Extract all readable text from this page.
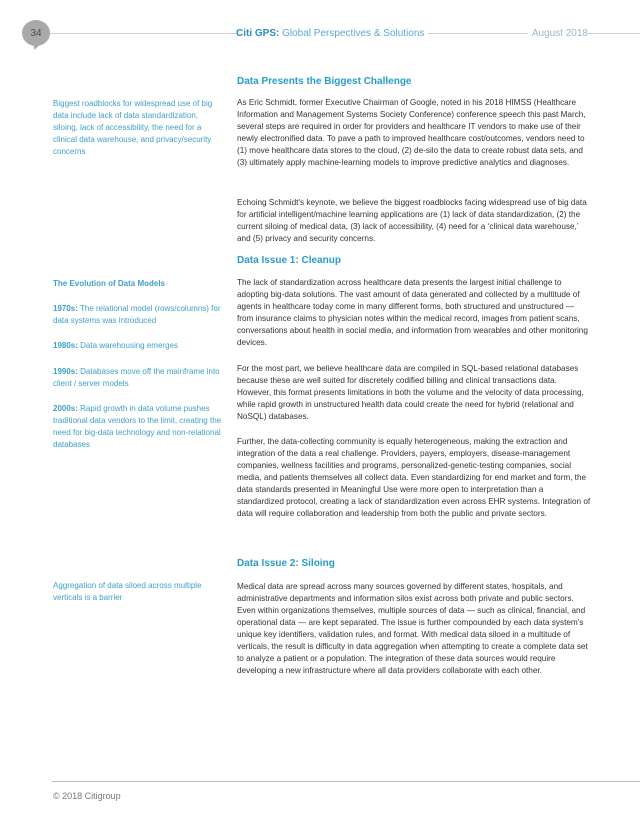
34	Citi GPS: Global Perspectives & Solutions	August 2018

Biggest roadblocks for widespread use of big data include lack of data standardization, siloing, lack of accessibility, the need for a clinical data warehouse, and privacy/security concerns

The Evolution of Data Models

1970s: The relational model (rows/columns) for data systems was introduced

1980s: Data warehousing emerges

1990s: Databases move off the mainframe into client / server models

2000s: Rapid growth in data volume pushes traditional data vendors to the limit, creating the need for big-data technology and non-relational databases

Aggregation of data siloed across multiple verticals is a barrier

Data Presents the Biggest Challenge

As Eric Schmidt, former Executive Chairman of Google, noted in his 2018 HIMSS (Healthcare Information and Management Systems Society Conference) conference speech this past March, several steps are required in order for providers and healthcare IT vendors to make use of their newly electronified data. To pave a path to improved healthcare cost/outcomes, vendors need to (1) move healthcare data stores to the cloud, (2) de-silo the data to create robust data sets, and (3) ultimately apply machine-learning models to improve predictive analytics and diagnoses.

Echoing Schmidt's keynote, we believe the biggest roadblocks facing widespread use of big data for artificial intelligent/machine learning applications are (1) lack of data standardization, (2) the current siloing of medical data, (3) lack of accessibility, (4) need for a ‘clinical data warehouse,’ and (5) privacy and security concerns.

Data Issue 1: Cleanup

The lack of standardization across healthcare data presents the largest initial challenge to adopting big-data solutions. The vast amount of data generated and collected by a multitude of agents in healthcare today come in many different forms, both structured and unstructured — from insurance claims to physician notes within the medical record, images from patient scans, conversations about health in social media, and information from wearables and other monitoring devices.

For the most part, we believe healthcare data are compiled in SQL-based relational databases because these are well suited for discretely codified billing and clinical transactions data. However, this format presents limitations in both the volume and the velocity of data processing, while rapid growth in unstructured health data could create the need for hybrid (relational and NoSQL) databases.

Further, the data-collecting community is equally heterogeneous, making the extraction and integration of the data a real challenge. Providers, payers, employers, disease-management companies, wellness facilities and programs, personalized-genetic-testing companies, social media, and patients themselves all collect data. Even standardizing for end market and form, the data standards presented in Meaningful Use were more open to interpretation than a standardized protocol, creating a lack of standardization even across EHR systems. Integration of data will require collaboration and leadership from both the public and private sectors.

Data Issue 2: Siloing

Medical data are spread across many sources governed by different states, hospitals, and administrative departments and information silos exist across both private and public sectors. Even within organizations themselves, multiple sources of data — such as clinical, financial, and operational data — are kept separated. The issue is further compounded by each data system's unique key identifiers, validation rules, and format. With medical data siloed in a multitude of verticals, the result is difficulty in data aggregation when attempting to create a complete data set to analyze a patient or a population. The integration of these data sources would require developing a new infrastructure where all data providers collaborate with each other.

© 2018 Citigroup
